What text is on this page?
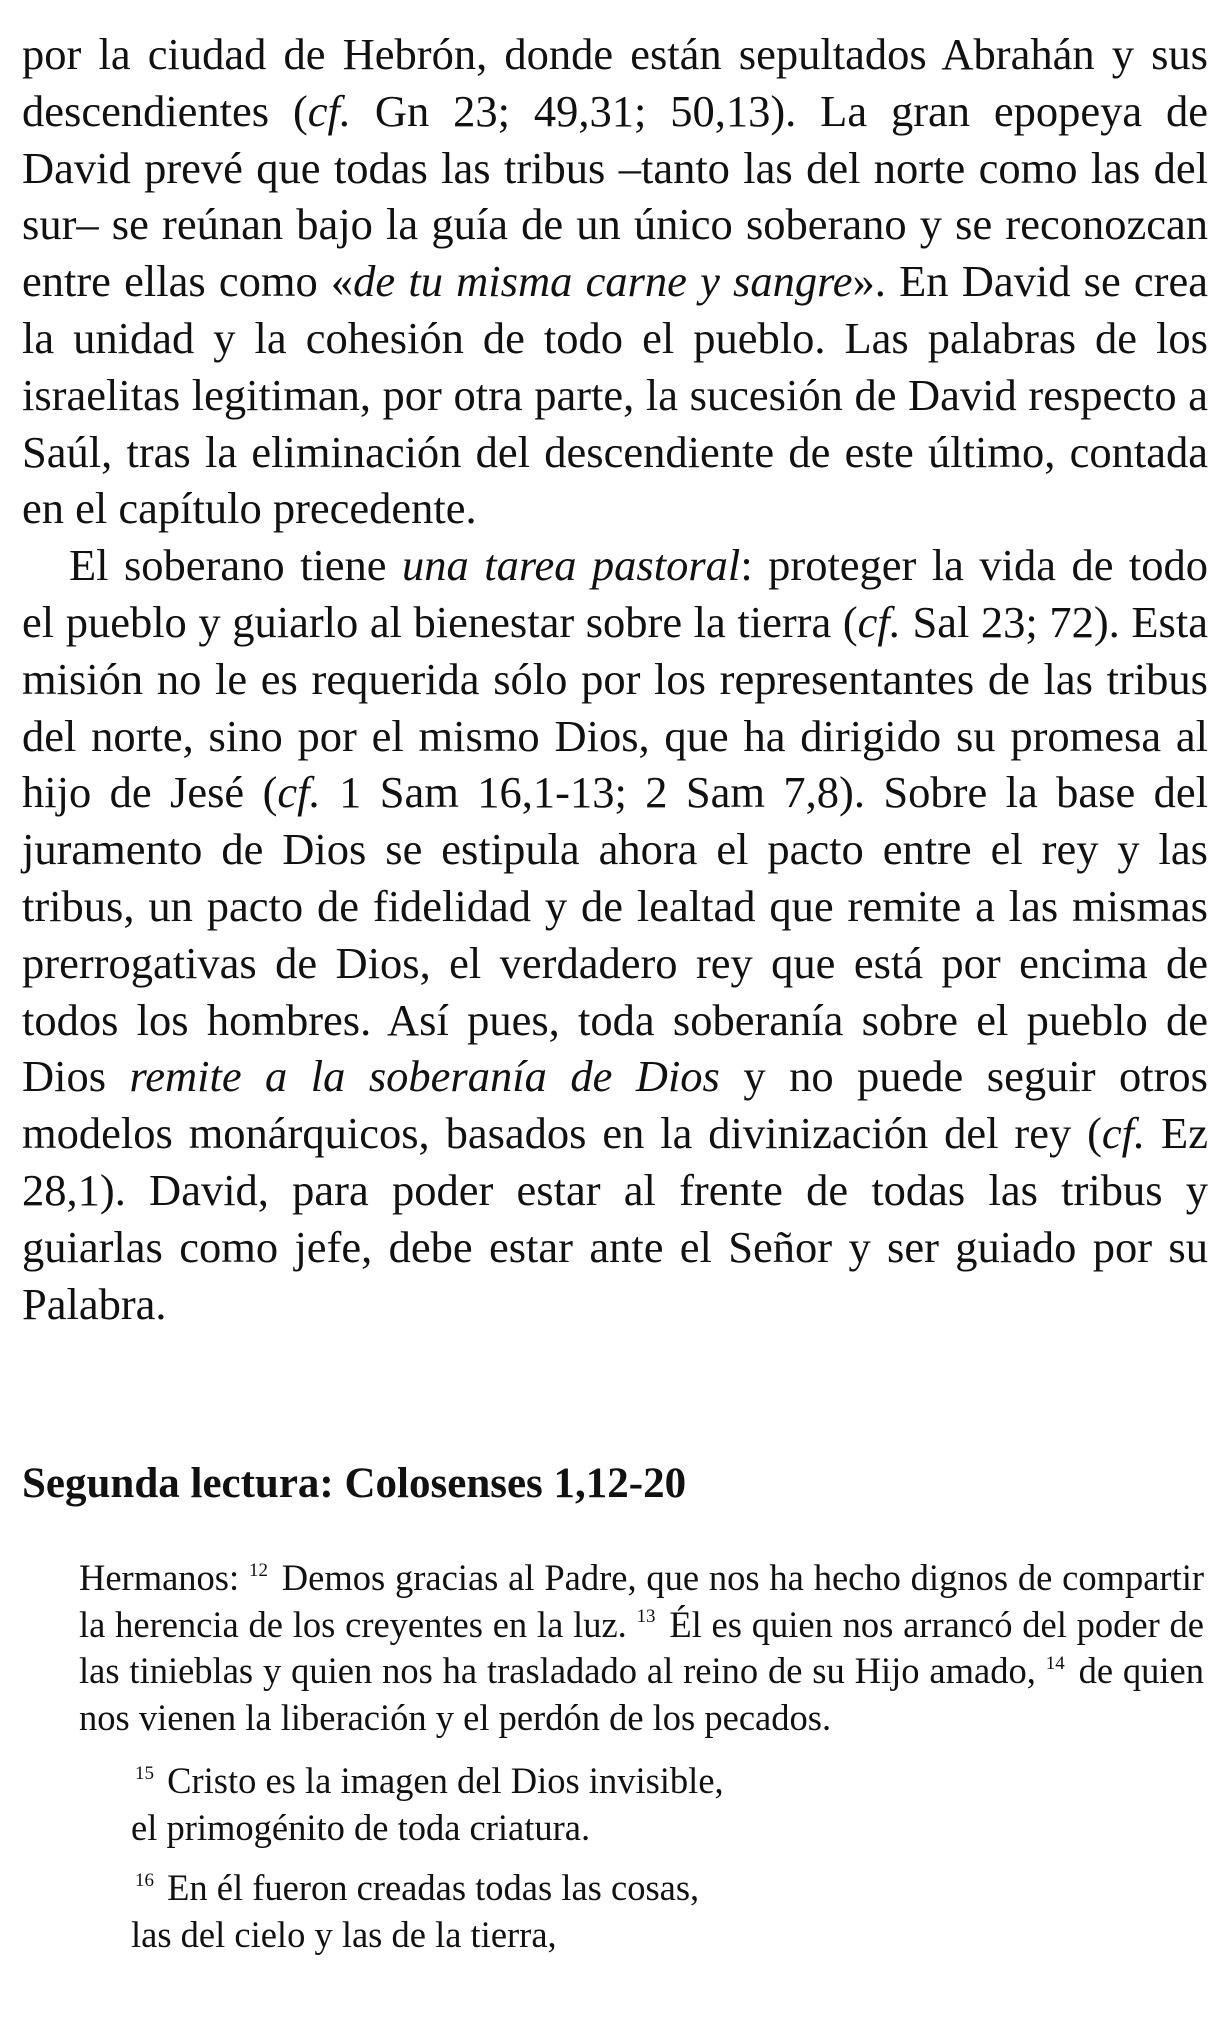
por la ciudad de Hebrón, donde están sepultados Abrahán y sus descendientes (cf. Gn 23; 49,31; 50,13). La gran epopeya de David prevé que todas las tribus –tanto las del norte como las del sur– se reúnan bajo la guía de un único soberano y se reconozcan entre ellas como «de tu misma carne y sangre». En David se crea la unidad y la cohesión de todo el pueblo. Las palabras de los israelitas legitiman, por otra parte, la sucesión de David respecto a Saúl, tras la eliminación del descendiente de este último, contada en el capítulo precedente.

El soberano tiene una tarea pastoral: proteger la vida de todo el pueblo y guiarlo al bienestar sobre la tierra (cf. Sal 23; 72). Esta misión no le es requerida sólo por los representantes de las tribus del norte, sino por el mismo Dios, que ha dirigido su promesa al hijo de Jesé (cf. 1 Sam 16,1-13; 2 Sam 7,8). Sobre la base del juramento de Dios se estipula ahora el pacto entre el rey y las tribus, un pacto de fidelidad y de lealtad que remite a las mismas prerrogativas de Dios, el verdadero rey que está por encima de todos los hombres. Así pues, toda soberanía sobre el pueblo de Dios remite a la soberanía de Dios y no puede seguir otros modelos monárquicos, basados en la divinización del rey (cf. Ez 28,1). David, para poder estar al frente de todas las tribus y guiarlas como jefe, debe estar ante el Señor y ser guiado por su Palabra.

Segunda lectura: Colosenses 1,12-20

Hermanos: $^{12}$ Demos gracias al Padre, que nos ha hecho dignos de compartir la herencia de los creyentes en la luz. $^{13}$ Él es quien nos arrancó del poder de las tinieblas y quien nos ha trasladado al reino de su Hijo amado, $^{14}$ de quien nos vienen la liberación y el perdón de los pecados.

$^{15}$ Cristo es la imagen del Dios invisible,
el primogénito de toda criatura.
$^{16}$ En él fueron creadas todas las cosas,
las del cielo y las de la tierra,
